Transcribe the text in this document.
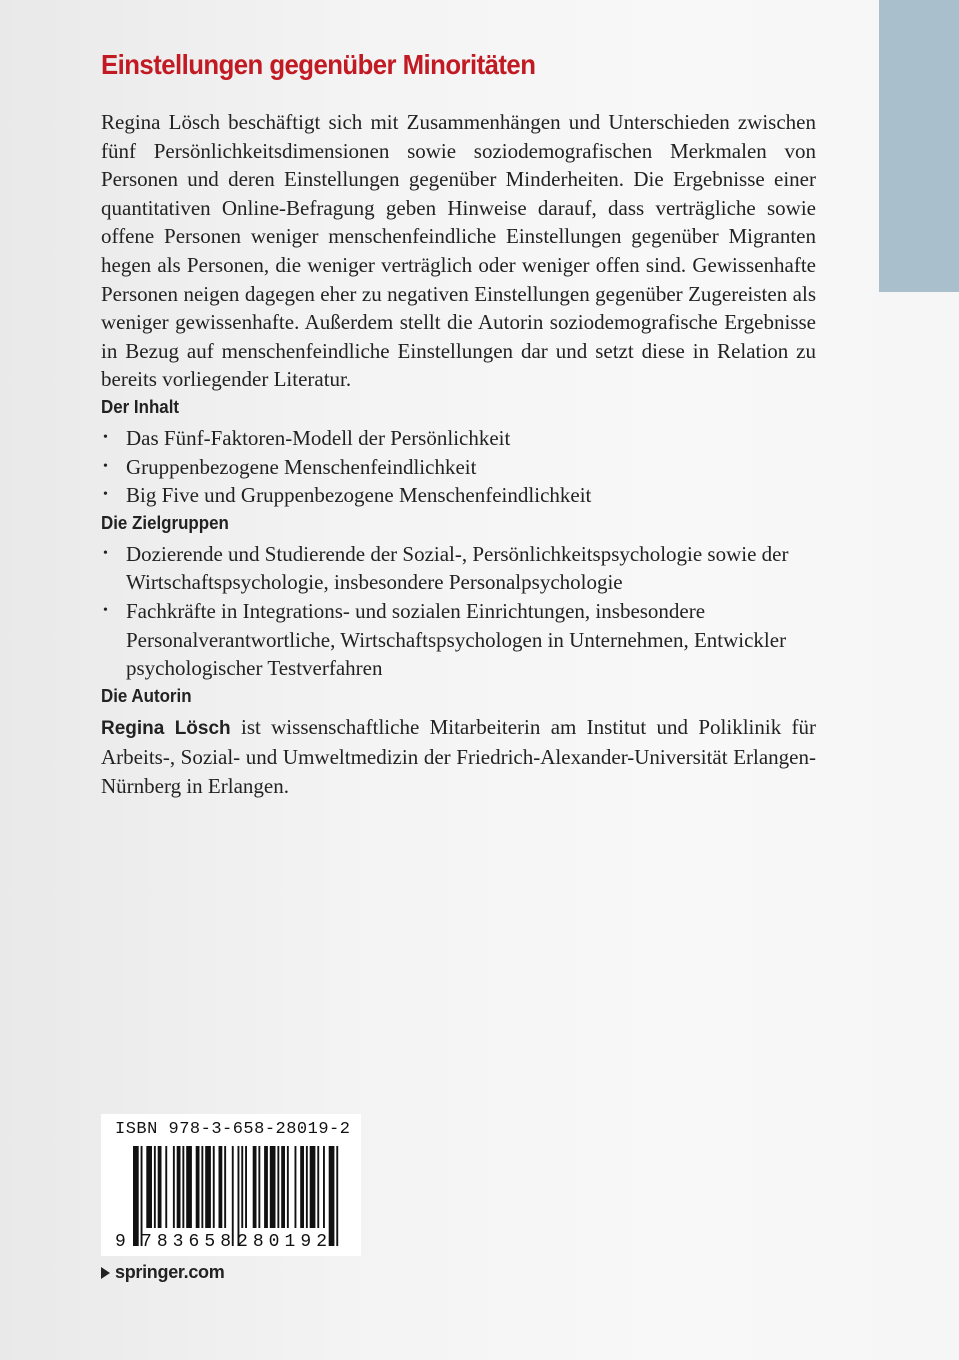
Einstellungen gegenüber Minoritäten

Regina Lösch beschäftigt sich mit Zusammenhängen und Unterschieden zwischen fünf Persönlichkeitsdimensionen sowie soziodemografischen Merkmalen von Personen und deren Einstellungen gegenüber Minderheiten. Die Ergebnisse einer quantitativen Online-Befragung geben Hinweise darauf, dass verträgliche sowie offene Personen weniger menschenfeindliche Einstellungen gegenüber Migranten hegen als Personen, die weniger verträglich oder weniger offen sind. Gewissenhafte Personen neigen dagegen eher zu negativen Einstellungen gegenüber Zugereisten als weniger gewissenhafte. Außerdem stellt die Autorin soziodemografische Ergebnisse in Bezug auf menschenfeindliche Einstellungen dar und setzt diese in Relation zu bereits vorliegender Literatur.

Der Inhalt
• Das Fünf-Faktoren-Modell der Persönlichkeit
• Gruppenbezogene Menschenfeindlichkeit
• Big Five und Gruppenbezogene Menschenfeindlichkeit
Die Zielgruppen
• Dozierende und Studierende der Sozial-, Persönlichkeitspsychologie sowie der Wirtschaftspsychologie, insbesondere Personalpsychologie
• Fachkräfte in Integrations- und sozialen Einrichtungen, insbesondere Personalverantwortliche, Wirtschaftspsychologen in Unternehmen, Entwickler psychologischer Testverfahren
Die Autorin

Regina Lösch ist wissenschaftliche Mitarbeiterin am Institut und Poliklinik für Arbeits-, Sozial- und Umweltmedizin der Friedrich-Alexander-Universität Erlangen-Nürnberg in Erlangen.

ISBN 978-3-658-28019-2
9 783658 280192
springer.com
